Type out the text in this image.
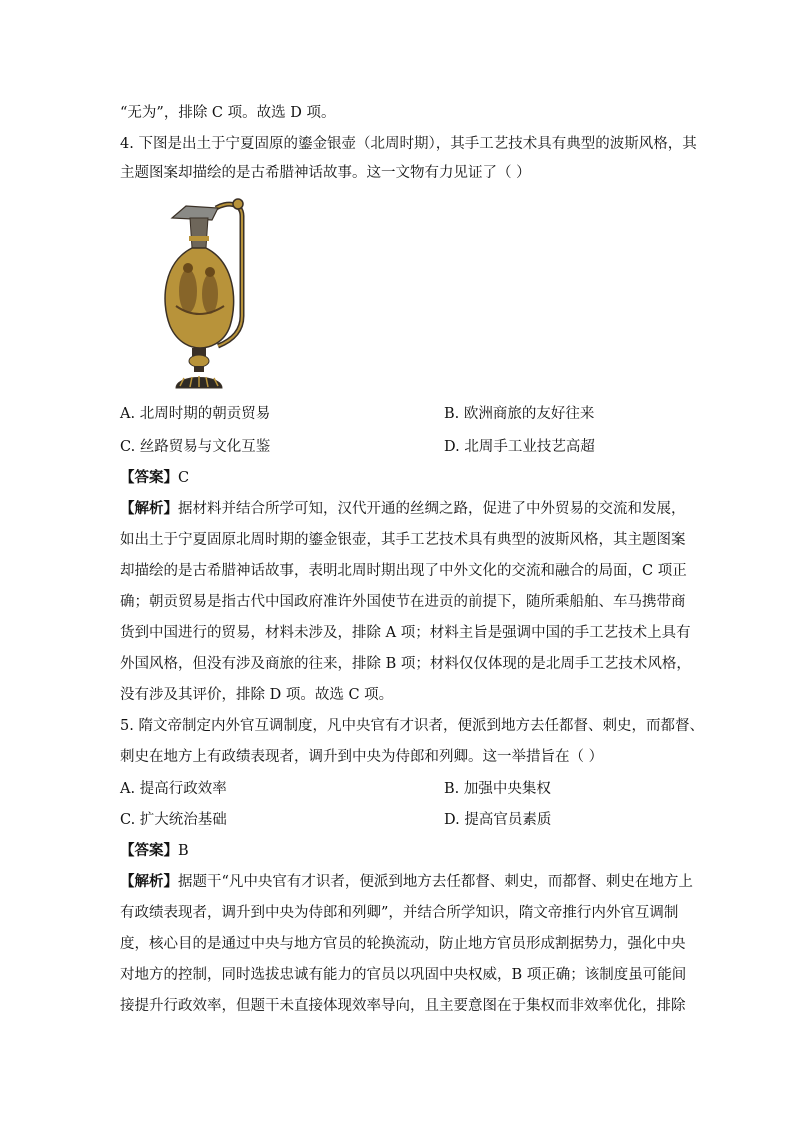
“无为”，排除 C 项。故选 D 项。

4. 下图是出土于宁夏固原的鎏金银壶（北周时期），其手工艺技术具有典型的波斯风格，其

主题图案却描绘的是古希腊神话故事。这一文物有力见证了（ ）

A. 北周时期的朝贡贸易	B. 欧洲商旅的友好往来
C. 丝路贸易与文化互鉴	D. 北周手工业技艺高超

【答案】C

【解析】据材料并结合所学可知，汉代开通的丝绸之路，促进了中外贸易的交流和发展，

如出土于宁夏固原北周时期的鎏金银壶，其手工艺技术具有典型的波斯风格，其主题图案

却描绘的是古希腊神话故事，表明北周时期出现了中外文化的交流和融合的局面，C 项正

确；朝贡贸易是指古代中国政府准许外国使节在进贡的前提下，随所乘船舶、车马携带商

货到中国进行的贸易，材料未涉及，排除 A 项；材料主旨是强调中国的手工艺技术上具有

外国风格，但没有涉及商旅的往来，排除 B 项；材料仅仅体现的是北周手工艺技术风格，

没有涉及其评价，排除 D 项。故选 C 项。

5. 隋文帝制定内外官互调制度，凡中央官有才识者，便派到地方去任都督、刺史，而都督、

刺史在地方上有政绩表现者，调升到中央为侍郎和列卿。这一举措旨在（ ）

A. 提高行政效率	B. 加强中央集权
C. 扩大统治基础	D. 提高官员素质

【答案】B

【解析】据题干“凡中央官有才识者，便派到地方去任都督、刺史，而都督、刺史在地方上

有政绩表现者，调升到中央为侍郎和列卿”，并结合所学知识，隋文帝推行内外官互调制

度，核心目的是通过中央与地方官员的轮换流动，防止地方官员形成割据势力，强化中央

对地方的控制，同时选拔忠诚有能力的官员以巩固中央权威，B 项正确；该制度虽可能间

接提升行政效率，但题干未直接体现效率导向，且主要意图在于集权而非效率优化，排除
